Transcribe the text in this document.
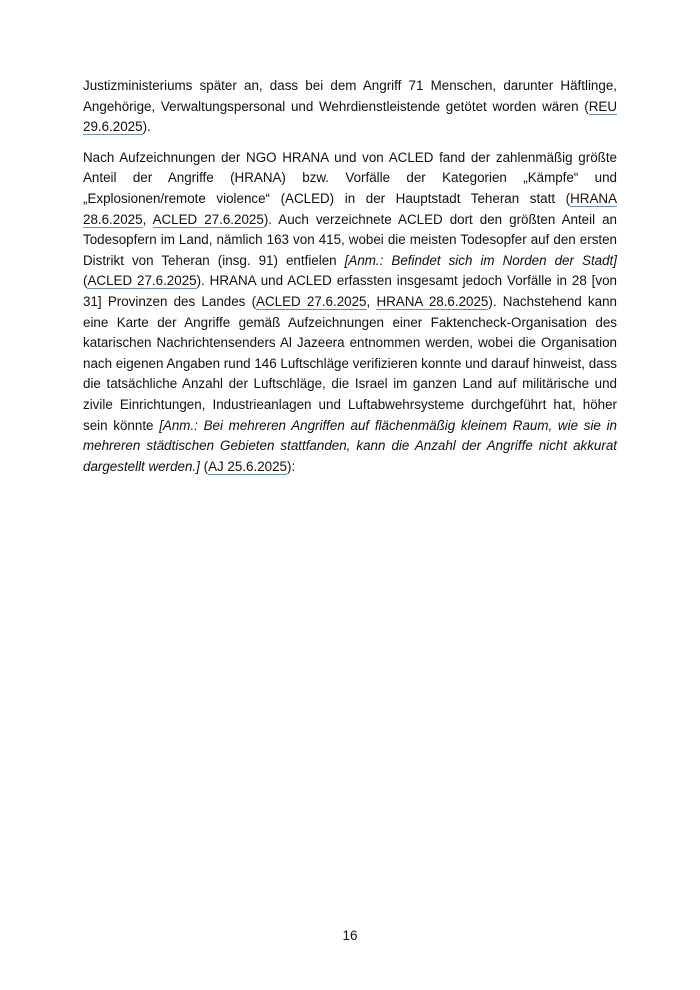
Justizministeriums später an, dass bei dem Angriff 71 Menschen, darunter Häftlinge, Angehörige, Verwaltungspersonal und Wehrdienstleistende getötet worden wären (REU 29.6.2025).

Nach Aufzeichnungen der NGO HRANA und von ACLED fand der zahlenmäßig größte Anteil der Angriffe (HRANA) bzw. Vorfälle der Kategorien „Kämpfe“ und „Explosionen/remote violence“ (ACLED) in der Hauptstadt Teheran statt (HRANA 28.6.2025, ACLED 27.6.2025). Auch verzeichnete ACLED dort den größten Anteil an Todesopfern im Land, nämlich 163 von 415, wobei die meisten Todesopfer auf den ersten Distrikt von Teheran (insg. 91) entfielen [Anm.: Befindet sich im Norden der Stadt] (ACLED 27.6.2025). HRANA und ACLED erfassten insgesamt jedoch Vorfälle in 28 [von 31] Provinzen des Landes (ACLED 27.6.2025, HRANA 28.6.2025). Nachstehend kann eine Karte der Angriffe gemäß Aufzeichnungen einer Faktencheck-Organisation des katarischen Nachrichtensenders Al Jazeera entnommen werden, wobei die Organisation nach eigenen Angaben rund 146 Luftschläge verifizieren konnte und darauf hinweist, dass die tatsächliche Anzahl der Luftschläge, die Israel im ganzen Land auf militärische und zivile Einrichtungen, Industrieanlagen und Luftabwehrsysteme durchgeführt hat, höher sein könnte [Anm.: Bei mehreren Angriffen auf flächenmäßig kleinem Raum, wie sie in mehreren städtischen Gebieten stattfanden, kann die Anzahl der Angriffe nicht akkurat dargestellt werden.] (AJ 25.6.2025):

16
